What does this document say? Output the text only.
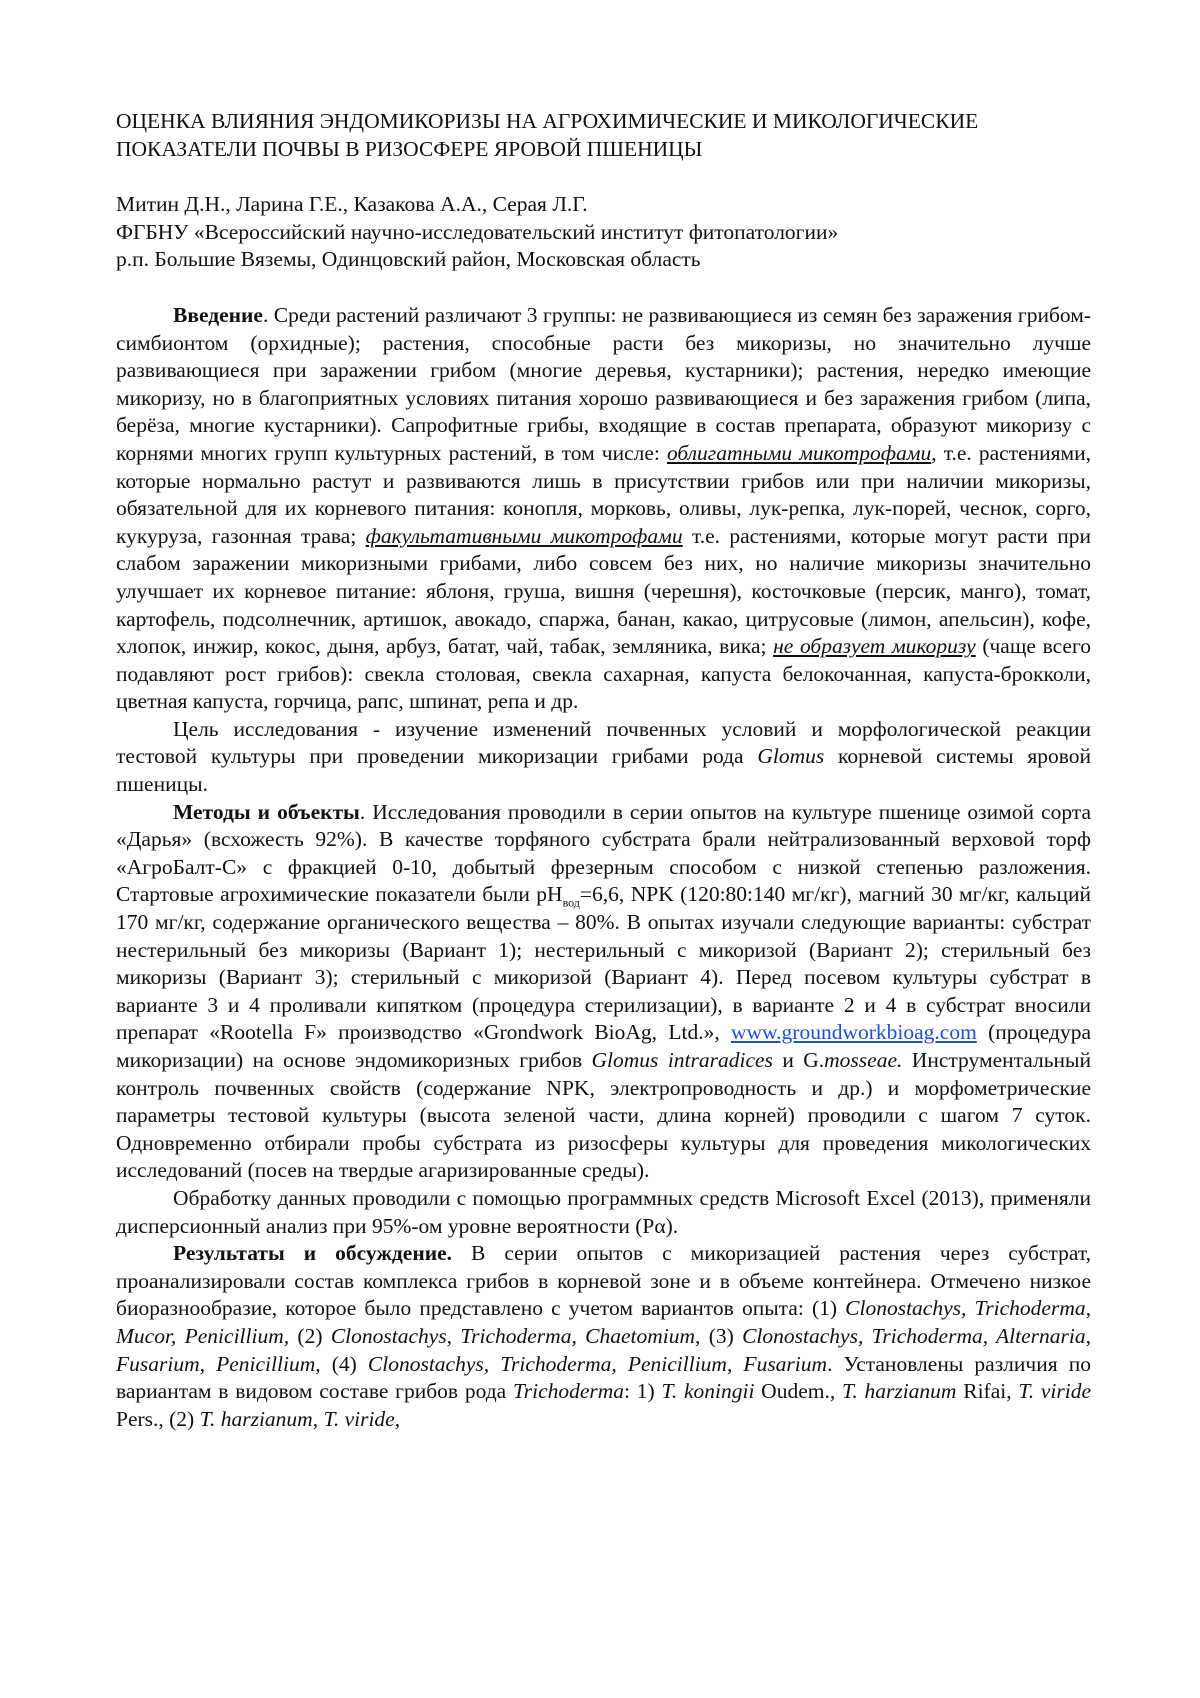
ОЦЕНКА ВЛИЯНИЯ ЭНДОМИКОРИЗЫ НА АГРОХИМИЧЕСКИЕ И МИКОЛОГИЧЕСКИЕ ПОКАЗАТЕЛИ ПОЧВЫ В РИЗОСФЕРЕ ЯРОВОЙ ПШЕНИЦЫ
Митин Д.Н., Ларина Г.Е., Казакова А.А., Серая Л.Г.
ФГБНУ «Всероссийский научно-исследовательский институт фитопатологии»
р.п. Большие Вяземы, Одинцовский район, Московская область

Введение. Среди растений различают 3 группы: не развивающиеся из семян без заражения грибом-симбионтом (орхидные); растения, способные расти без микоризы, но значительно лучше развивающиеся при заражении грибом (многие деревья, кустарники); растения, нередко имеющие микоризу, но в благоприятных условиях питания хорошо развивающиеся и без заражения грибом (липа, берёза, многие кустарники). Сапрофитные грибы, входящие в состав препарата, образуют микоризу с корнями многих групп культурных растений, в том числе: облигатными микотрофами, т.е. растениями, которые нормально растут и развиваются лишь в присутствии грибов или при наличии микоризы, обязательной для их корневого питания: конопля, морковь, оливы, лук-репка, лук-порей, чеснок, сорго, кукуруза, газонная трава; факультативными микотрофами т.е. растениями, которые могут расти при слабом заражении микоризными грибами, либо совсем без них, но наличие микоризы значительно улучшает их корневое питание: яблоня, груша, вишня (черешня), косточковые (персик, манго), томат, картофель, подсолнечник, артишок, авокадо, спаржа, банан, какао, цитрусовые (лимон, апельсин), кофе, хлопок, инжир, кокос, дыня, арбуз, батат, чай, табак, земляника, вика; не образует микоризу (чаще всего подавляют рост грибов): свекла столовая, свекла сахарная, капуста белокочанная, капуста-брокколи, цветная капуста, горчица, рапс, шпинат, репа и др.

Цель исследования - изучение изменений почвенных условий и морфологической реакции тестовой культуры при проведении микоризации грибами рода Glomus корневой системы яровой пшеницы.

Методы и объекты. Исследования проводили в серии опытов на культуре пшенице озимой сорта «Дарья» (всхожесть 92%). В качестве торфяного субстрата брали нейтрализованный верховой торф «АгроБалт-С» с фракцией 0-10, добытый фрезерным способом с низкой степенью разложения. Стартовые агрохимические показатели были $pH_{вод}=6,6$, NPK (120:80:140 мг/кг), магний 30 мг/кг, кальций 170 мг/кг, содержание органического вещества – 80%. В опытах изучали следующие варианты: субстрат нестерильный без микоризы (Вариант 1); нестерильный с микоризой (Вариант 2); стерильный без микоризы (Вариант 3); стерильный с микоризой (Вариант 4). Перед посевом культуры субстрат в варианте 3 и 4 проливали кипятком (процедура стерилизации), в варианте 2 и 4 в субстрат вносили препарат «Rootella F» производство «Grondwork BioAg, Ltd.», www.groundworkbioag.com (процедура микоризации) на основе эндомикоризных грибов Glomus intraradices и G.mosseae. Инструментальный контроль почвенных свойств (содержание NPK, электропроводность и др.) и морфометрические параметры тестовой культуры (высота зеленой части, длина корней) проводили с шагом 7 суток. Одновременно отбирали пробы субстрата из ризосферы культуры для проведения микологических исследований (посев на твердые агаризированные среды).

Обработку данных проводили с помощью программных средств Microsoft Excel (2013), применяли дисперсионный анализ при 95%-ом уровне вероятности (Pα).

Результаты и обсуждение. В серии опытов с микоризацией растения через субстрат, проанализировали состав комплекса грибов в корневой зоне и в объеме контейнера. Отмечено низкое биоразнообразие, которое было представлено с учетом вариантов опыта: (1) Clonostachys, Trichoderma, Mucor, Penicillium, (2) Clonostachys, Trichoderma, Chaetomium, (3) Clonostachys, Trichoderma, Alternaria, Fusarium, Penicillium, (4) Clonostachys, Trichoderma, Penicillium, Fusarium. Установлены различия по вариантам в видовом составе грибов рода Trichoderma: 1) T. koningii Oudem., T. harzianum Rifai, T. viride Pers., (2) T. harzianum, T. viride,
